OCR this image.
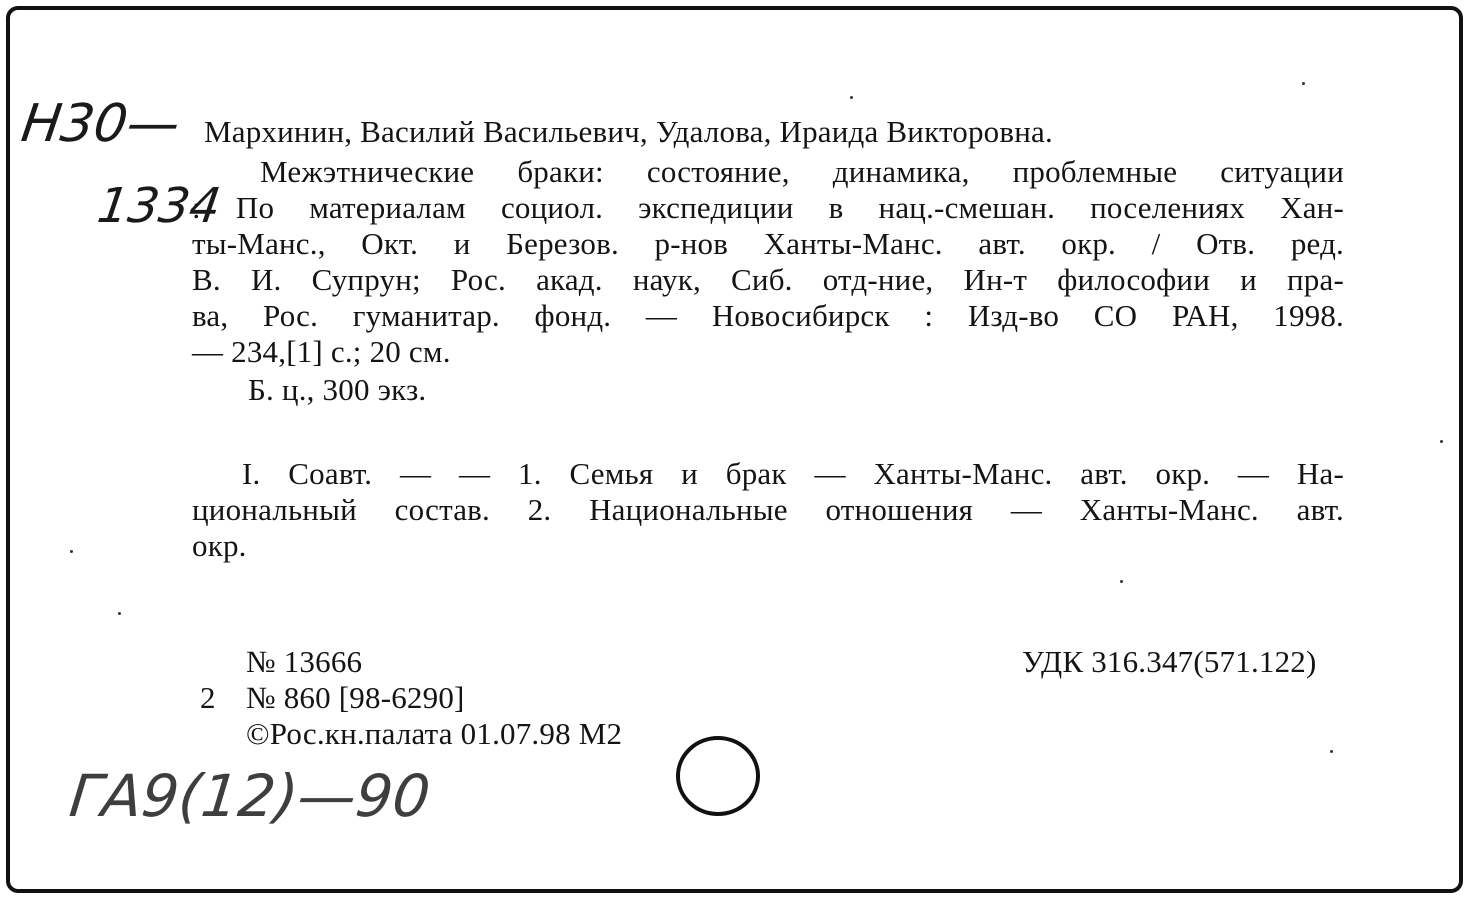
Н30—
1334
Мархинин, Василий Васильевич, Удалова, Ираида Викторовна.
Межэтнические браки: состояние, динамика, проблемные ситуации
: По материалам социол. экспедиции в нац.-смешан. поселениях Хан-
ты-Манс., Окт. и Березов. р-нов Ханты-Манс. авт. окр. / Отв. ред.
В. И. Супрун; Рос. акад. наук, Сиб. отд-ние, Ин-т философии и пра-
ва, Рос. гуманитар. фонд. — Новосибирск : Изд-во СО РАН, 1998.
— 234,[1] с.; 20 см.
Б. ц., 300 экз.
I. Соавт. — — 1. Семья и брак — Ханты-Манс. авт. окр. — На-
циональный состав. 2. Национальные отношения — Ханты-Манс. авт.
окр.
№ 13666
2 № 860 [98-6290]
©Рос.кн.палата 01.07.98 М2
УДК 316.347(571.122)
ГА9(12)—90
